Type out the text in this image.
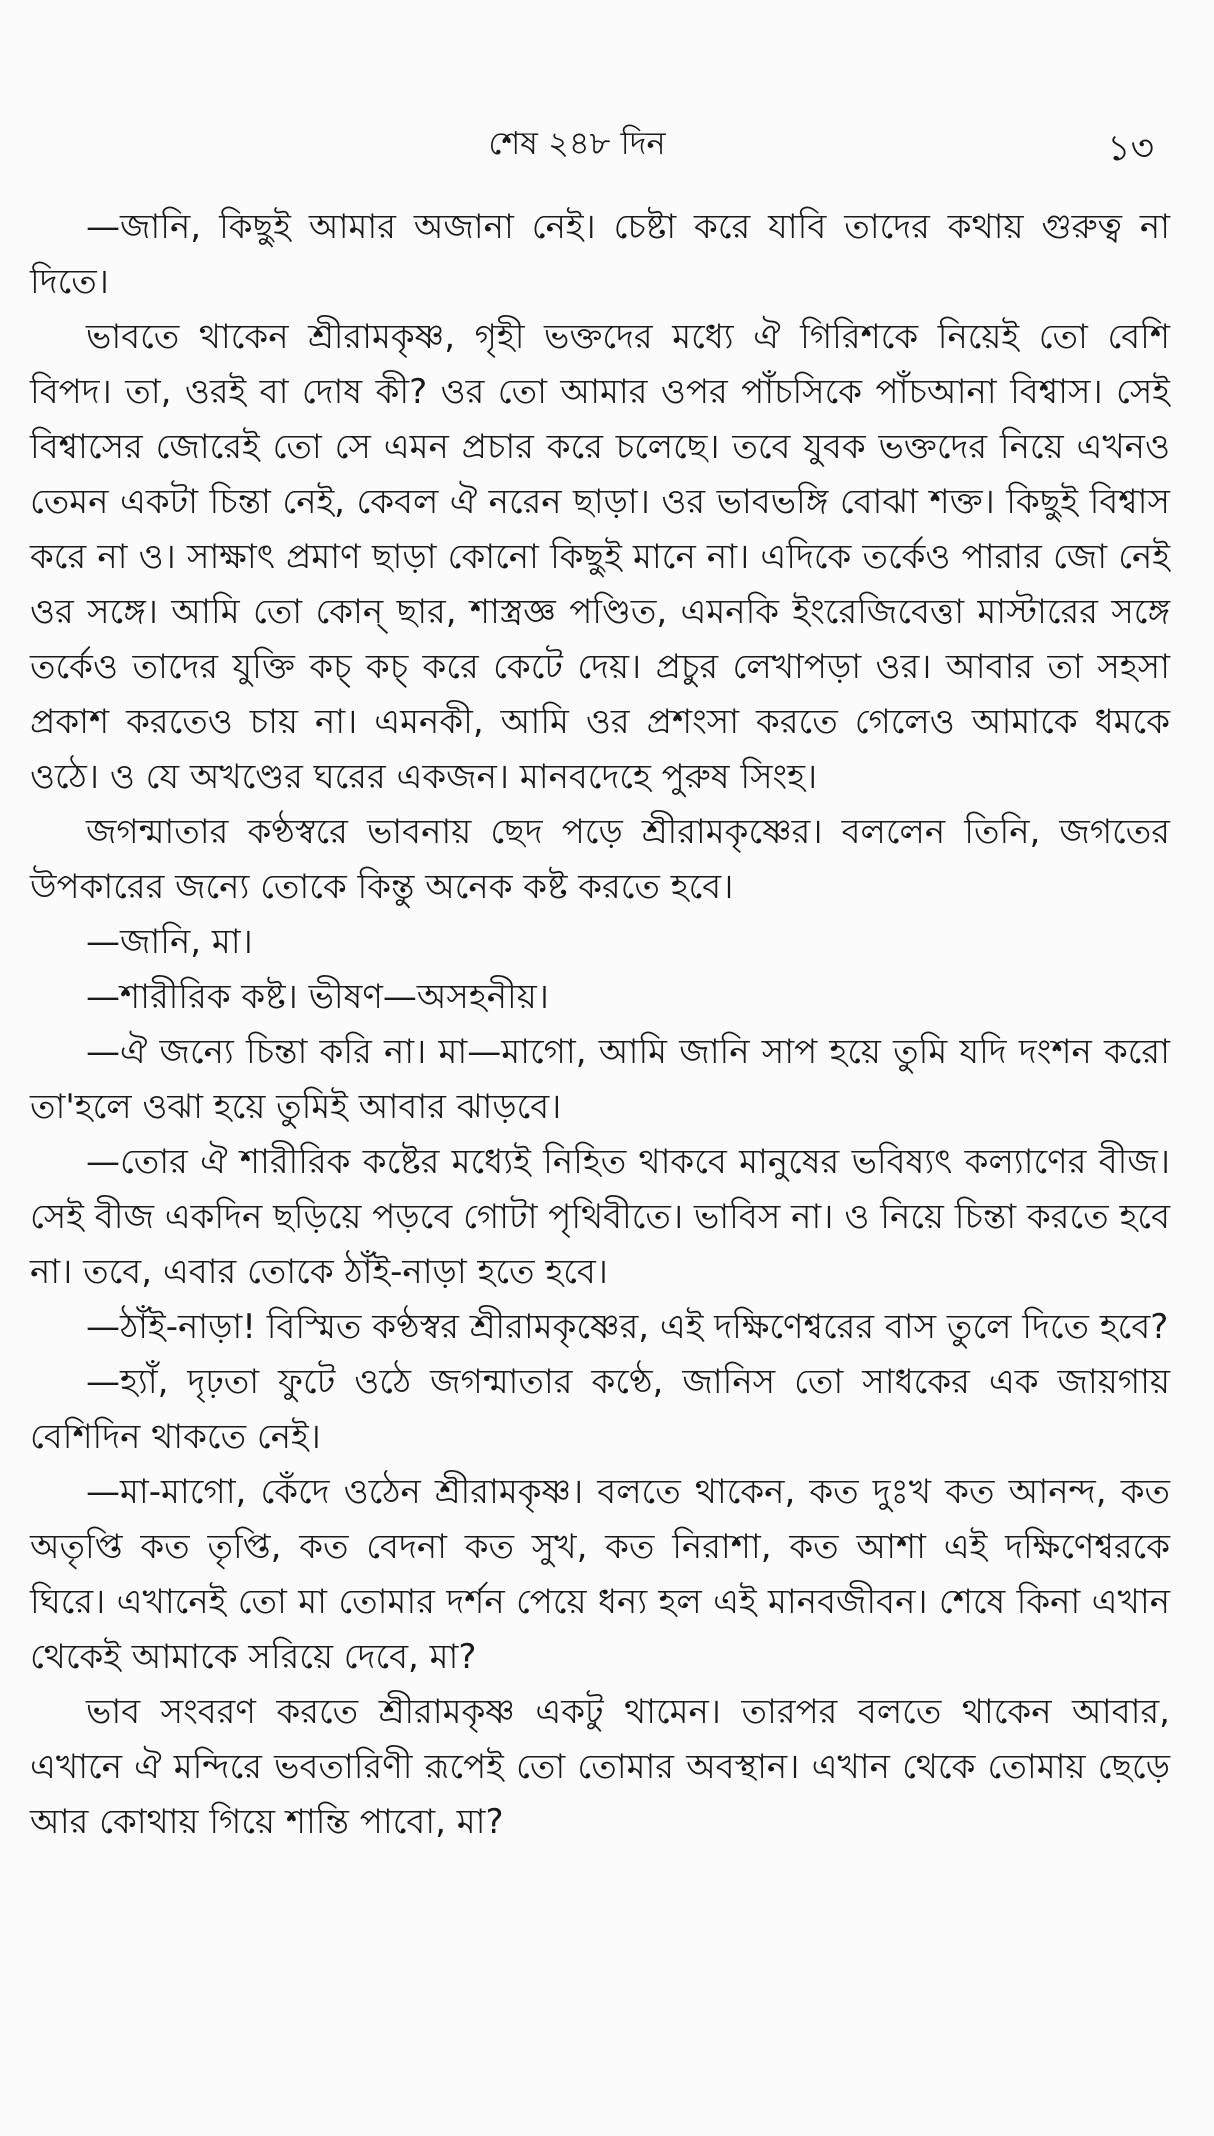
শেষ ২৪৮ দিন	১৩

—জানি, কিছুই আমার অজানা নেই। চেষ্টা করে যাবি তাদের কথায় গুরুত্ব না দিতে।

ভাবতে থাকেন শ্রীরামকৃষ্ণ, গৃহী ভক্তদের মধ্যে ঐ গিরিশকে নিয়েই তো বেশি বিপদ। তা, ওরই বা দোষ কী? ওর তো আমার ওপর পাঁচসিকে পাঁচআনা বিশ্বাস। সেই বিশ্বাসের জোরেই তো সে এমন প্রচার করে চলেছে। তবে যুবক ভক্তদের নিয়ে এখনও তেমন একটা চিন্তা নেই, কেবল ঐ নরেন ছাড়া। ওর ভাবভঙ্গি বোঝা শক্ত। কিছুই বিশ্বাস করে না ও। সাক্ষাৎ প্রমাণ ছাড়া কোনো কিছুই মানে না। এদিকে তর্কেও পারার জো নেই ওর সঙ্গে। আমি তো কোন্ ছার, শাস্ত্রজ্ঞ পণ্ডিত, এমনকি ইংরেজিবেত্তা মাস্টারের সঙ্গে তর্কেও তাদের যুক্তি কচ্ কচ্ করে কেটে দেয়। প্রচুর লেখাপড়া ওর। আবার তা সহসা প্রকাশ করতেও চায় না। এমনকী, আমি ওর প্রশংসা করতে গেলেও আমাকে ধমকে ওঠে। ও যে অখণ্ডের ঘরের একজন। মানবদেহে পুরুষ সিংহ।

জগন্মাতার কণ্ঠস্বরে ভাবনায় ছেদ পড়ে শ্রীরামকৃষ্ণের। বললেন তিনি, জগতের উপকারের জন্যে তোকে কিন্তু অনেক কষ্ট করতে হবে।

—জানি, মা।

—শারীরিক কষ্ট। ভীষণ—অসহনীয়।

—ঐ জন্যে চিন্তা করি না। মা—মাগো, আমি জানি সাপ হয়ে তুমি যদি দংশন করো তা'হলে ওঝা হয়ে তুমিই আবার ঝাড়বে।

—তোর ঐ শারীরিক কষ্টের মধ্যেই নিহিত থাকবে মানুষের ভবিষ্যৎ কল্যাণের বীজ। সেই বীজ একদিন ছড়িয়ে পড়বে গোটা পৃথিবীতে। ভাবিস না। ও নিয়ে চিন্তা করতে হবে না। তবে, এবার তোকে ঠাঁই-নাড়া হতে হবে।

—ঠাঁই-নাড়া! বিস্মিত কণ্ঠস্বর শ্রীরামকৃষ্ণের, এই দক্ষিণেশ্বরের বাস তুলে দিতে হবে?

—হ্যাঁ, দৃঢ়তা ফুটে ওঠে জগন্মাতার কণ্ঠে, জানিস তো সাধকের এক জায়গায় বেশিদিন থাকতে নেই।

—মা-মাগো, কেঁদে ওঠেন শ্রীরামকৃষ্ণ। বলতে থাকেন, কত দুঃখ কত আনন্দ, কত অতৃপ্তি কত তৃপ্তি, কত বেদনা কত সুখ, কত নিরাশা, কত আশা এই দক্ষিণেশ্বরকে ঘিরে। এখানেই তো মা তোমার দর্শন পেয়ে ধন্য হল এই মানবজীবন। শেষে কিনা এখান থেকেই আমাকে সরিয়ে দেবে, মা?

ভাব সংবরণ করতে শ্রীরামকৃষ্ণ একটু থামেন। তারপর বলতে থাকেন আবার, এখানে ঐ মন্দিরে ভবতারিণী রূপেই তো তোমার অবস্থান। এখান থেকে তোমায় ছেড়ে আর কোথায় গিয়ে শান্তি পাবো, মা?
